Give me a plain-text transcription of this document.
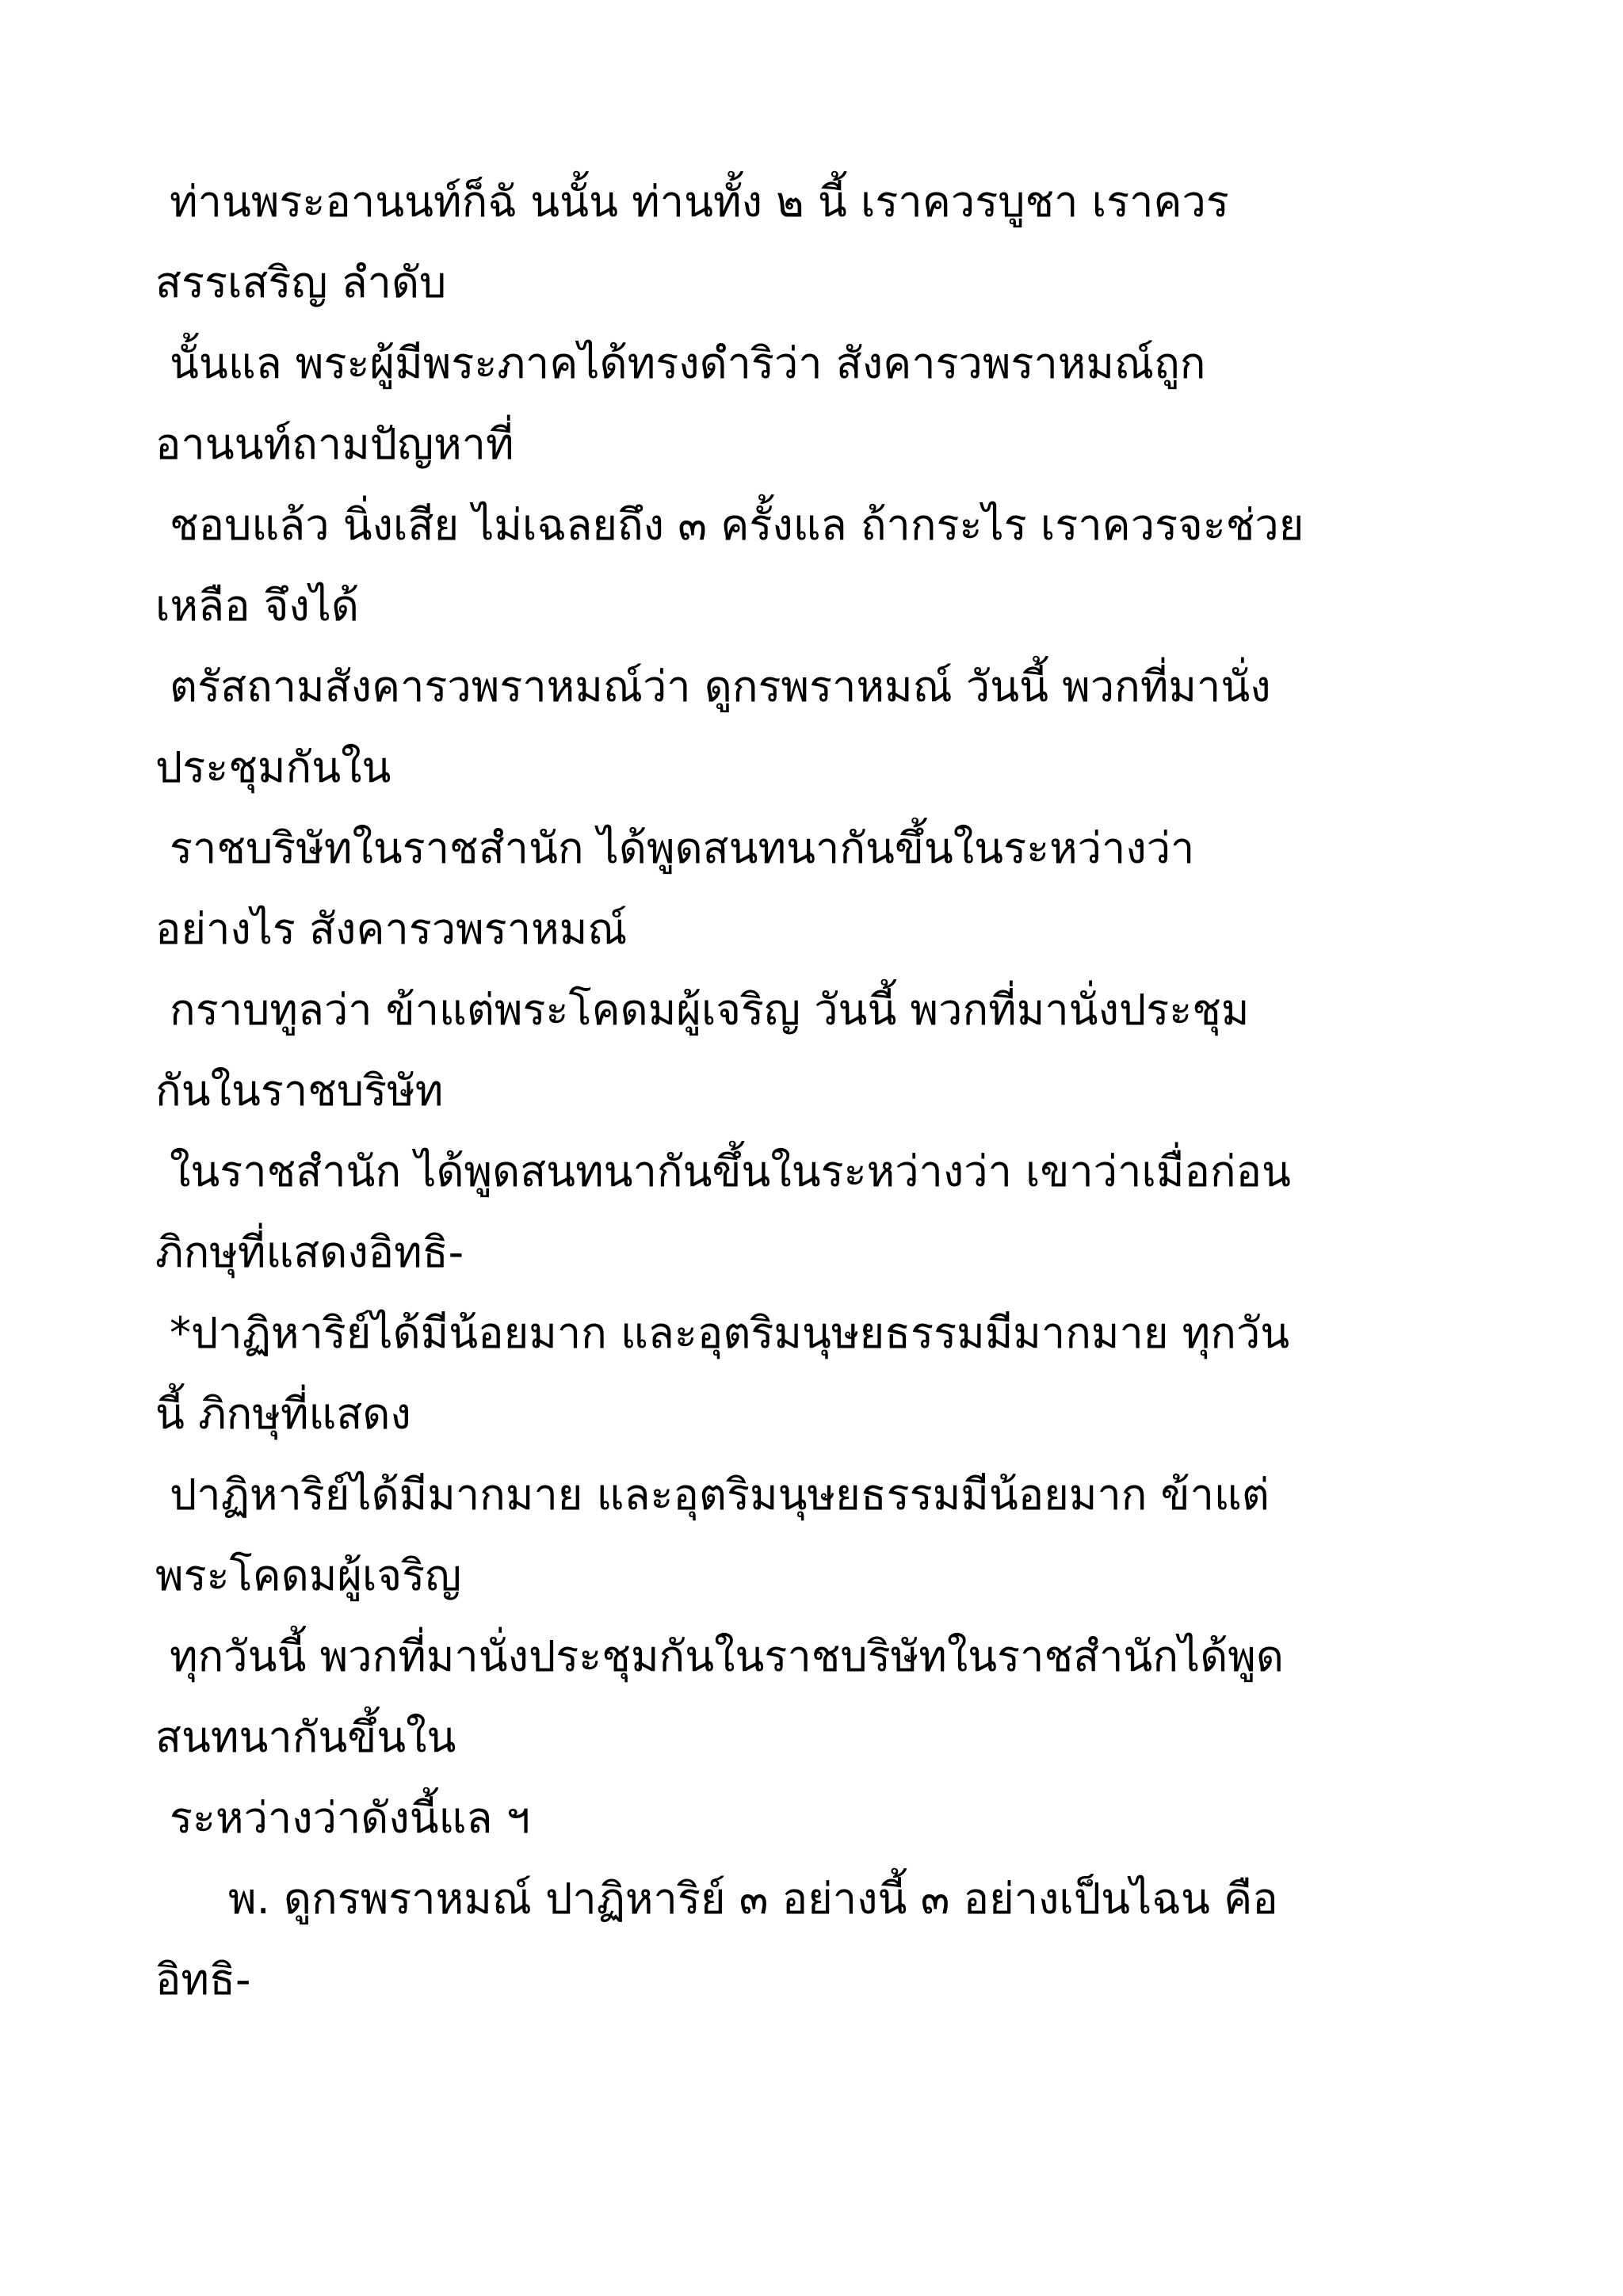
ท่านพระอานนท์ก็ฉั นนั้น ท่านทั้ง ๒ นี้ เราควรบูชา เราควร
สรรเสริญ ลำดับ
นั้นแล พระผู้มีพระภาคได้ทรงดำริว่า สังคารวพราหมณ์ถูก
อานนท์ถามปัญหาที่
ชอบแล้ว นิ่งเสีย ไม่เฉลยถึง ๓ ครั้งแล ถ้ากระไร เราควรจะช่วย
เหลือ จึงได้
ตรัสถามสังคารวพราหมณ์ว่า ดูกรพราหมณ์ วันนี้ พวกที่มานั่ง
ประชุมกันใน
ราชบริษัทในราชสำนัก ได้พูดสนทนากันขึ้นในระหว่างว่า
อย่างไร สังคารวพราหมณ์
กราบทูลว่า ข้าแต่พระโคดมผู้เจริญ วันนี้ พวกที่มานั่งประชุม
กันในราชบริษัท
ในราชสำนัก ได้พูดสนทนากันขึ้นในระหว่างว่า เขาว่าเมื่อก่อน
ภิกษุที่แสดงอิทธิ-
*ปาฏิหาริย์ได้มีน้อยมาก และอุตริมนุษยธรรมมีมากมาย ทุกวัน
นี้ ภิกษุที่แสดง
ปาฏิหาริย์ได้มีมากมาย และอุตริมนุษยธรรมมีน้อยมาก ข้าแต่
พระโคดมผู้เจริญ
ทุกวันนี้ พวกที่มานั่งประชุมกันในราชบริษัทในราชสำนักได้พูด
สนทนากันขึ้นใน
ระหว่างว่าดังนี้แล ฯ
พ. ดูกรพราหมณ์ ปาฏิหาริย์ ๓ อย่างนี้ ๓ อย่างเป็นไฉน คือ
อิทธิ-
